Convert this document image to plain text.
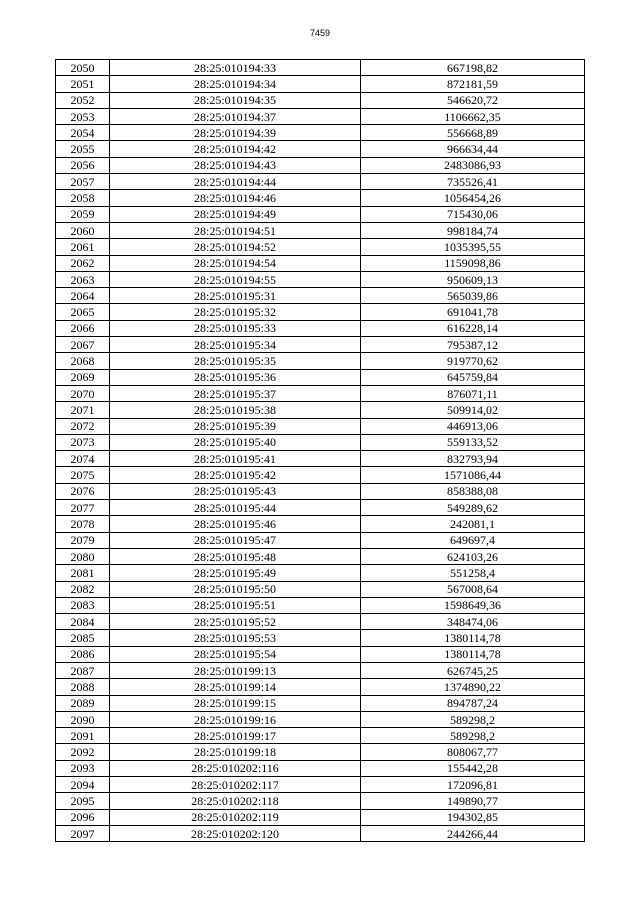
7459
2050	28:25:010194:33	667198,82
2051	28:25:010194:34	872181,59
2052	28:25:010194:35	546620,72
2053	28:25:010194:37	1106662,35
2054	28:25:010194:39	556668,89
2055	28:25:010194:42	966634,44
2056	28:25:010194:43	2483086,93
2057	28:25:010194:44	735526,41
2058	28:25:010194:46	1056454,26
2059	28:25:010194:49	715430,06
2060	28:25:010194:51	998184,74
2061	28:25:010194:52	1035395,55
2062	28:25:010194:54	1159098,86
2063	28:25:010194:55	950609,13
2064	28:25:010195:31	565039,86
2065	28:25:010195:32	691041,78
2066	28:25:010195:33	616228,14
2067	28:25:010195:34	795387,12
2068	28:25:010195:35	919770,62
2069	28:25:010195:36	645759,84
2070	28:25:010195:37	876071,11
2071	28:25:010195:38	509914,02
2072	28:25:010195:39	446913,06
2073	28:25:010195:40	559133,52
2074	28:25:010195:41	832793,94
2075	28:25:010195:42	1571086,44
2076	28:25:010195:43	858388,08
2077	28:25:010195:44	549289,62
2078	28:25:010195:46	242081,1
2079	28:25:010195:47	649697,4
2080	28:25:010195:48	624103,26
2081	28:25:010195:49	551258,4
2082	28:25:010195:50	567008,64
2083	28:25:010195:51	1598649,36
2084	28:25:010195:52	348474,06
2085	28:25:010195:53	1380114,78
2086	28:25:010195:54	1380114,78
2087	28:25:010199:13	626745,25
2088	28:25:010199:14	1374890,22
2089	28:25:010199:15	894787,24
2090	28:25:010199:16	589298,2
2091	28:25:010199:17	589298,2
2092	28:25:010199:18	808067,77
2093	28:25:010202:116	155442,28
2094	28:25:010202:117	172096,81
2095	28:25:010202:118	149890,77
2096	28:25:010202:119	194302,85
2097	28:25:010202:120	244266,44
